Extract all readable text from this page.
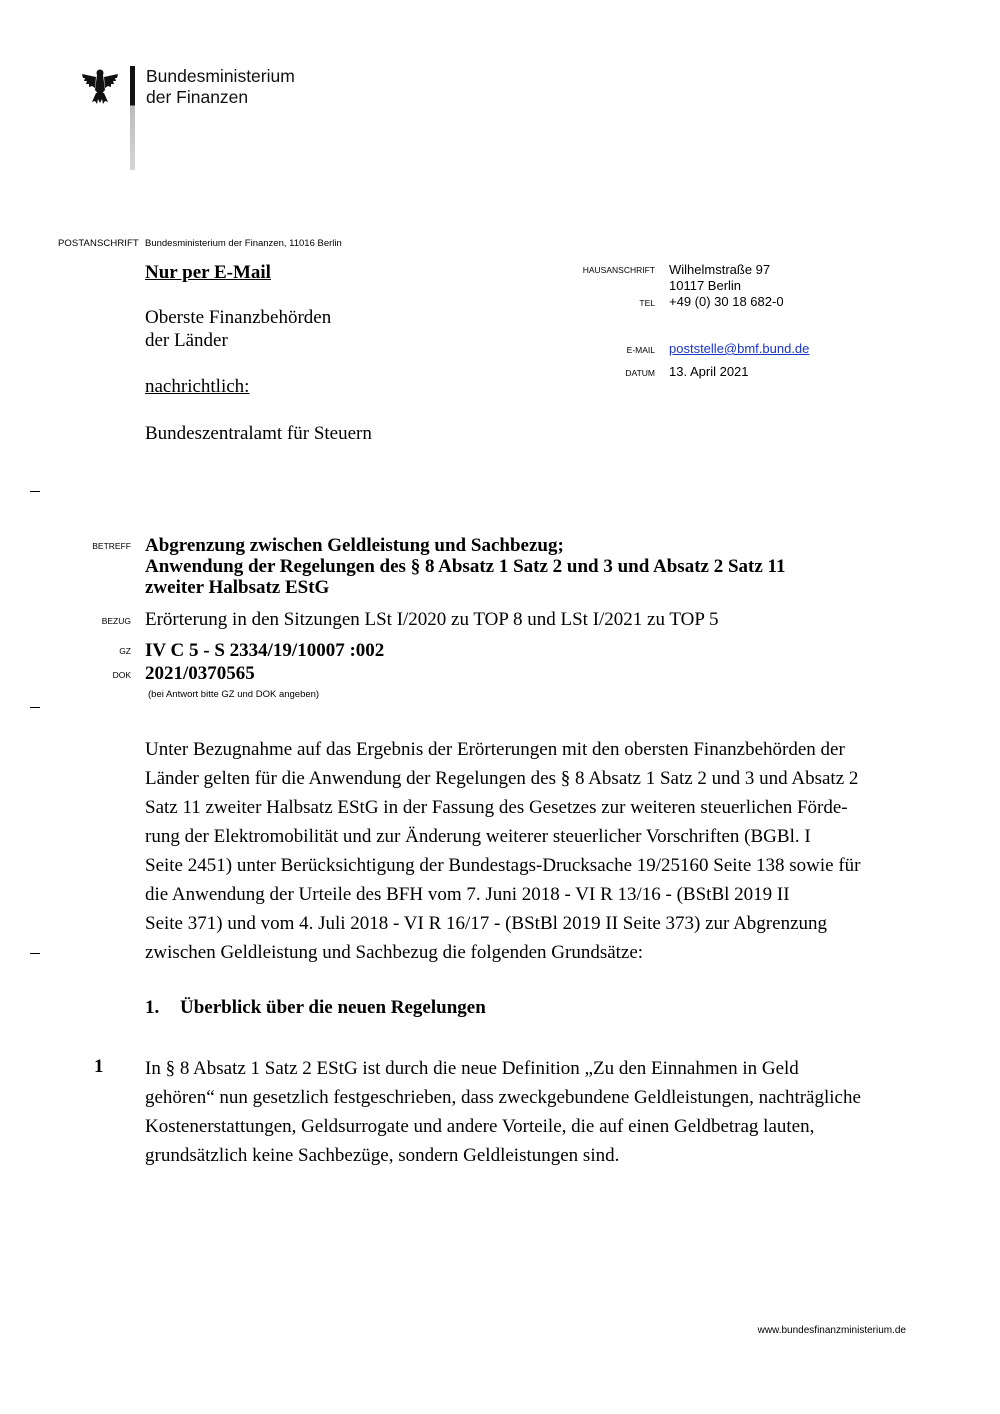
Bundesministerium
der Finanzen
POSTANSCHRIFT Bundesministerium der Finanzen, 11016 Berlin
Nur per E-Mail
Oberste Finanzbehörden
der Länder
nachrichtlich:
Bundeszentralamt für Steuern
HAUSANSCHRIFT Wilhelmstraße 97
10117 Berlin
TEL +49 (0) 30 18 682-0
E-MAIL poststelle@bmf.bund.de
DATUM 13. April 2021
BETREFF Abgrenzung zwischen Geldleistung und Sachbezug;
Anwendung der Regelungen des § 8 Absatz 1 Satz 2 und 3 und Absatz 2 Satz 11
zweiter Halbsatz EStG
BEZUG Erörterung in den Sitzungen LSt I/2020 zu TOP 8 und LSt I/2021 zu TOP 5
GZ IV C 5 - S 2334/19/10007 :002
DOK 2021/0370565
(bei Antwort bitte GZ und DOK angeben)
Unter Bezugnahme auf das Ergebnis der Erörterungen mit den obersten Finanzbehörden der
Länder gelten für die Anwendung der Regelungen des § 8 Absatz 1 Satz 2 und 3 und Absatz 2
Satz 11 zweiter Halbsatz EStG in der Fassung des Gesetzes zur weiteren steuerlichen Förde-
rung der Elektromobilität und zur Änderung weiterer steuerlicher Vorschriften (BGBl. I
Seite 2451) unter Berücksichtigung der Bundestags-Drucksache 19/25160 Seite 138 sowie für
die Anwendung der Urteile des BFH vom 7. Juni 2018 - VI R 13/16 - (BStBl 2019 II
Seite 371) und vom 4. Juli 2018 - VI R 16/17 - (BStBl 2019 II Seite 373) zur Abgrenzung
zwischen Geldleistung und Sachbezug die folgenden Grundsätze:
1. Überblick über die neuen Regelungen
1 In § 8 Absatz 1 Satz 2 EStG ist durch die neue Definition „Zu den Einnahmen in Geld
gehören“ nun gesetzlich festgeschrieben, dass zweckgebundene Geldleistungen, nachträgliche
Kostenerstattungen, Geldsurrogate und andere Vorteile, die auf einen Geldbetrag lauten,
grundsätzlich keine Sachbezüge, sondern Geldleistungen sind.
www.bundesfinanzministerium.de
